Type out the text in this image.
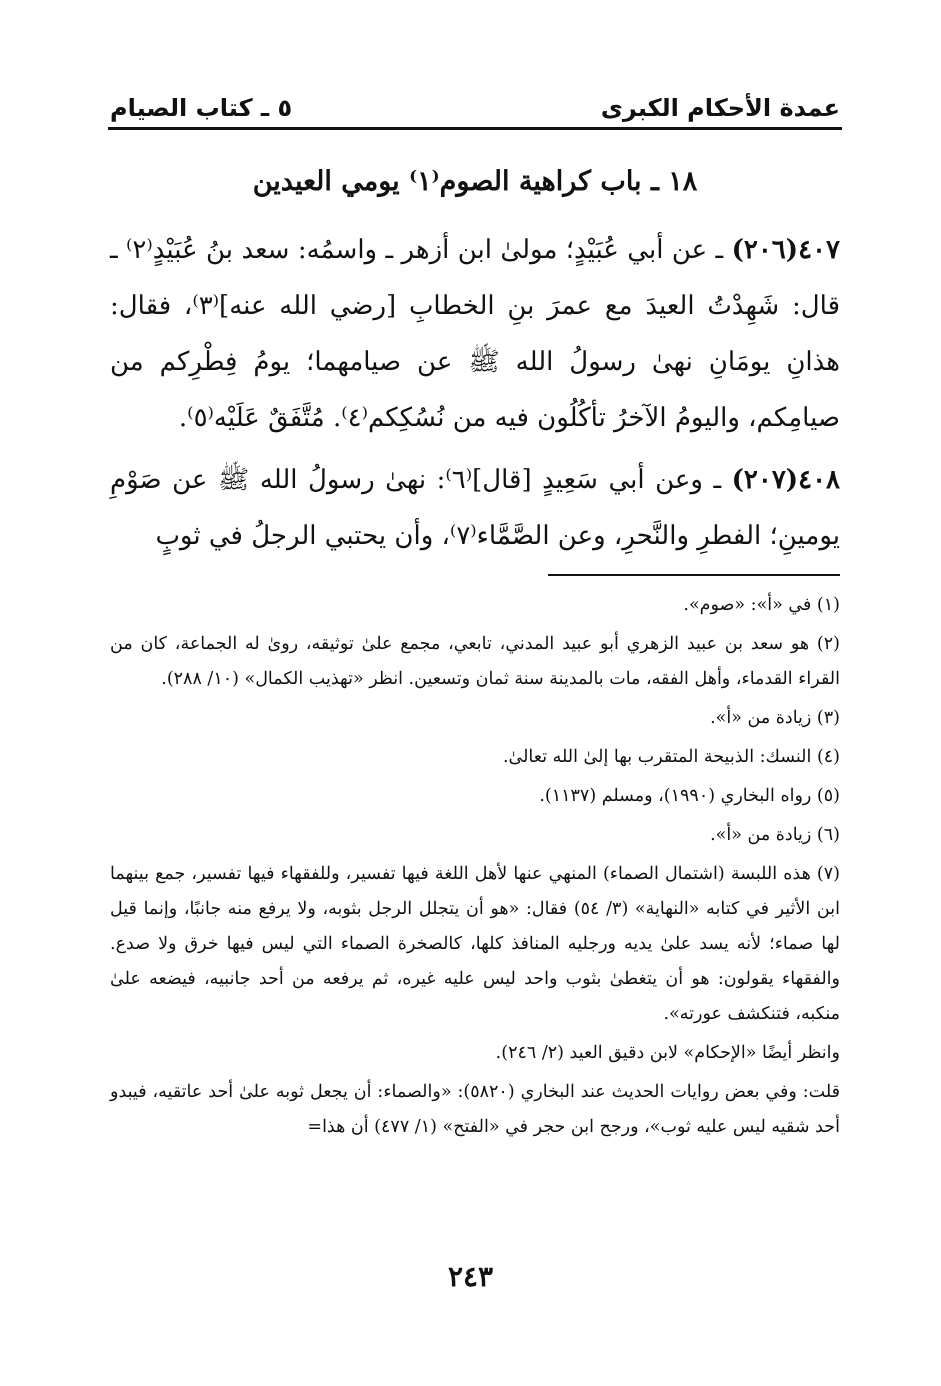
عمدة الأحكام الكبرى
٥ ـ كتاب الصيام
١٨ ـ باب كراهية الصوم⁽١⁾ يومي العيدين

٤٠٧(٢٠٦) ـ عن أبي عُبَيْدٍ؛ مولىٰ ابن أزهر ـ واسمُه: سعد بنُ عُبَيْدٍ⁽٢⁾ ـ قال: شَهِدْتُ العيدَ مع عمرَ بنِ الخطابِ [رضي الله عنه]⁽٣⁾، فقال: هذانِ يومَانِ نهىٰ رسولُ الله ﷺ عن صيامهما؛ يومُ فِطْرِكم من صيامِكم، واليومُ الآخرُ تأكُلُون فيه من نُسُكِكم⁽٤⁾. مُتَّفَقٌ عَلَيْه⁽٥⁾.

٤٠٨(٢٠٧) ـ وعن أبي سَعِيدٍ [قال]⁽٦⁾: نهىٰ رسولُ الله ﷺ عن صَوْمِ يومينِ؛ الفطرِ والنَّحرِ، وعن الصَّمَّاء⁽٧⁾، وأن يحتبي الرجلُ في ثوبٍ

(١) في «أ»: «صوم».

(٢) هو سعد بن عبيد الزهري أبو عبيد المدني، تابعي، مجمع علىٰ توثيقه، روىٰ له الجماعة، كان من القراء القدماء، وأهل الفقه، مات بالمدينة سنة ثمان وتسعين. انظر «تهذيب الكمال» (١٠/ ٢٨٨).

(٣) زيادة من «أ».

(٤) النسك: الذبيحة المتقرب بها إلىٰ الله تعالىٰ.

(٥) رواه البخاري (١٩٩٠)، ومسلم (١١٣٧).

(٦) زيادة من «أ».

(٧) هذه اللبسة (اشتمال الصماء) المنهي عنها لأهل اللغة فيها تفسير، وللفقهاء فيها تفسير، جمع بينهما ابن الأثير في كتابه «النهاية» (٣/ ٥٤) فقال: «هو أن يتجلل الرجل بثوبه، ولا يرفع منه جانبًا، وإنما قيل لها صماء؛ لأنه يسد علىٰ يديه ورجليه المنافذ كلها، كالصخرة الصماء التي ليس فيها خرق ولا صدع. والفقهاء يقولون: هو أن يتغطىٰ بثوب واحد ليس عليه غيره، ثم يرفعه من أحد جانبيه، فيضعه علىٰ منكبه، فتنكشف عورته».

وانظر أيضًا «الإحكام» لابن دقيق العيد (٢/ ٢٤٦).

قلت: وفي بعض روايات الحديث عند البخاري (٥٨٢٠): «والصماء: أن يجعل ثوبه علىٰ أحد عاتقيه، فيبدو أحد شقيه ليس عليه ثوب»، ورجح ابن حجر في «الفتح» (١/ ٤٧٧) أن هذا=

٢٤٣
